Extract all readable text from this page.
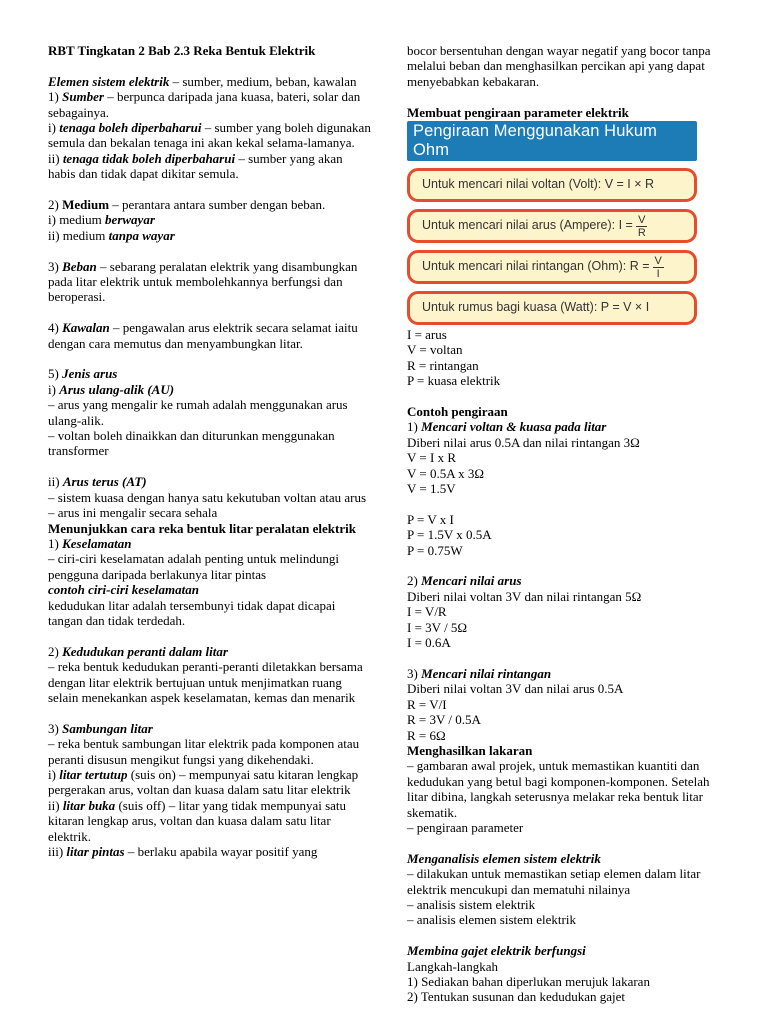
RBT Tingkatan 2 Bab 2.3 Reka Bentuk Elektrik
Elemen sistem elektrik – sumber, medium, beban, kawalan
1) Sumber – berpunca daripada jana kuasa, bateri, solar dan sebagainya.
i) tenaga boleh diperbaharui – sumber yang boleh digunakan semula dan bekalan tenaga ini akan kekal selama-lamanya.
ii) tenaga tidak boleh diperbaharui – sumber yang akan habis dan tidak dapat dikitar semula.
2) Medium – perantara antara sumber dengan beban.
i) medium berwayar
ii) medium tanpa wayar
3) Beban – sebarang peralatan elektrik yang disambungkan pada litar elektrik untuk membolehkannya berfungsi dan beroperasi.
4) Kawalan – pengawalan arus elektrik secara selamat iaitu dengan cara memutus dan menyambungkan litar.
5) Jenis arus
i) Arus ulang-alik (AU)
– arus yang mengalir ke rumah adalah menggunakan arus ulang-alik.
– voltan boleh dinaikkan dan diturunkan menggunakan transformer
ii) Arus terus (AT)
– sistem kuasa dengan hanya satu kekutuban voltan atau arus
– arus ini mengalir secara sehala
Menunjukkan cara reka bentuk litar peralatan elektrik
1) Keselamatan
– ciri-ciri keselamatan adalah penting untuk melindungi pengguna daripada berlakunya litar pintas
contoh ciri-ciri keselamatan
kedudukan litar adalah tersembunyi tidak dapat dicapai tangan dan tidak terdedah.
2) Kedudukan peranti dalam litar
– reka bentuk kedudukan peranti-peranti diletakkan bersama dengan litar elektrik bertujuan untuk menjimatkan ruang selain menekankan aspek keselamatan, kemas dan menarik
3) Sambungan litar
– reka bentuk sambungan litar elektrik pada komponen atau peranti disusun mengikut fungsi yang dikehendaki.
i) litar tertutup (suis on) – mempunyai satu kitaran lengkap pergerakan arus, voltan dan kuasa dalam satu litar elektrik
ii) litar buka (suis off) – litar yang tidak mempunyai satu kitaran lengkap arus, voltan dan kuasa dalam satu litar elektrik.
iii) litar pintas – berlaku apabila wayar positif yang
bocor bersentuhan dengan wayar negatif yang bocor tanpa melalui beban dan menghasilkan percikan api yang dapat menyebabkan kebakaran.
Membuat pengiraan parameter elektrik
Pengiraan Menggunakan Hukum Ohm
Untuk mencari nilai voltan (Volt): V = I × R
Untuk mencari nilai arus (Ampere): $I = \frac{V}{R}$
Untuk mencari nilai rintangan (Ohm): $R = \frac{V}{I}$
Untuk rumus bagi kuasa (Watt): P = V × I
I = arus
V = voltan
R = rintangan
P = kuasa elektrik
Contoh pengiraan
1) Mencari voltan & kuasa pada litar
Diberi nilai arus 0.5A dan nilai rintangan 3Ω
V = I x R
V = 0.5A x 3Ω
V = 1.5V
P = V x I
P = 1.5V x 0.5A
P = 0.75W
2) Mencari nilai arus
Diberi nilai voltan 3V dan nilai rintangan 5Ω
I = V/R
I = 3V / 5Ω
I = 0.6A
3) Mencari nilai rintangan
Diberi nilai voltan 3V dan nilai arus 0.5A
R = V/I
R = 3V / 0.5A
R = 6Ω
Menghasilkan lakaran
– gambaran awal projek, untuk memastikan kuantiti dan kedudukan yang betul bagi komponen-komponen. Setelah litar dibina, langkah seterusnya melakar reka bentuk litar skematik.
– pengiraan parameter
Menganalisis elemen sistem elektrik
– dilakukan untuk memastikan setiap elemen dalam litar elektrik mencukupi dan mematuhi nilainya
– analisis sistem elektrik
– analisis elemen sistem elektrik
Membina gajet elektrik berfungsi
Langkah-langkah
1) Sediakan bahan diperlukan merujuk lakaran
2) Tentukan susunan dan kedudukan gajet
